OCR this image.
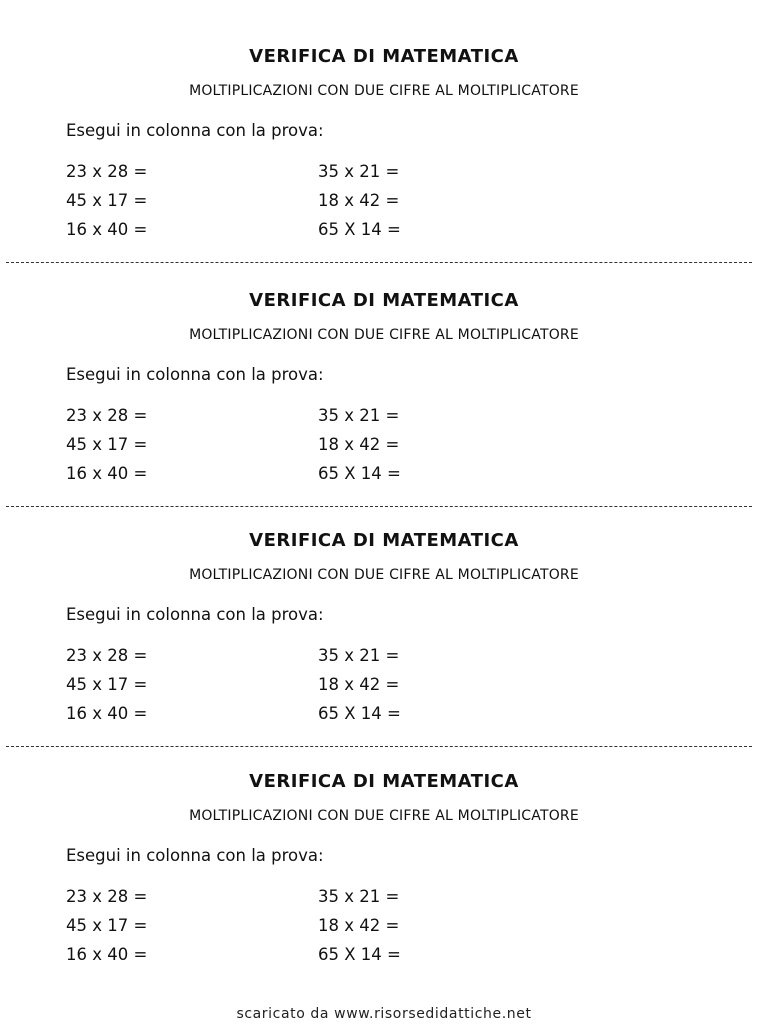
VERIFICA DI MATEMATICA
MOLTIPLICAZIONI CON DUE CIFRE AL MOLTIPLICATORE
Esegui in colonna con la prova:
23 x 28 =
45 x 17 =
16 x 40 =
35 x 21 =
18 x 42 =
65 X 14 =
VERIFICA DI MATEMATICA
MOLTIPLICAZIONI CON DUE CIFRE AL MOLTIPLICATORE
Esegui in colonna con la prova:
23 x 28 =
45 x 17 =
16 x 40 =
35 x 21 =
18 x 42 =
65 X 14 =
VERIFICA DI MATEMATICA
MOLTIPLICAZIONI CON DUE CIFRE AL MOLTIPLICATORE
Esegui in colonna con la prova:
23 x 28 =
45 x 17 =
16 x 40 =
35 x 21 =
18 x 42 =
65 X 14 =
VERIFICA DI MATEMATICA
MOLTIPLICAZIONI CON DUE CIFRE AL MOLTIPLICATORE
Esegui in colonna con la prova:
23 x 28 =
45 x 17 =
16 x 40 =
35 x 21 =
18 x 42 =
65 X 14 =
scaricato da www.risorsedidattiche.net
